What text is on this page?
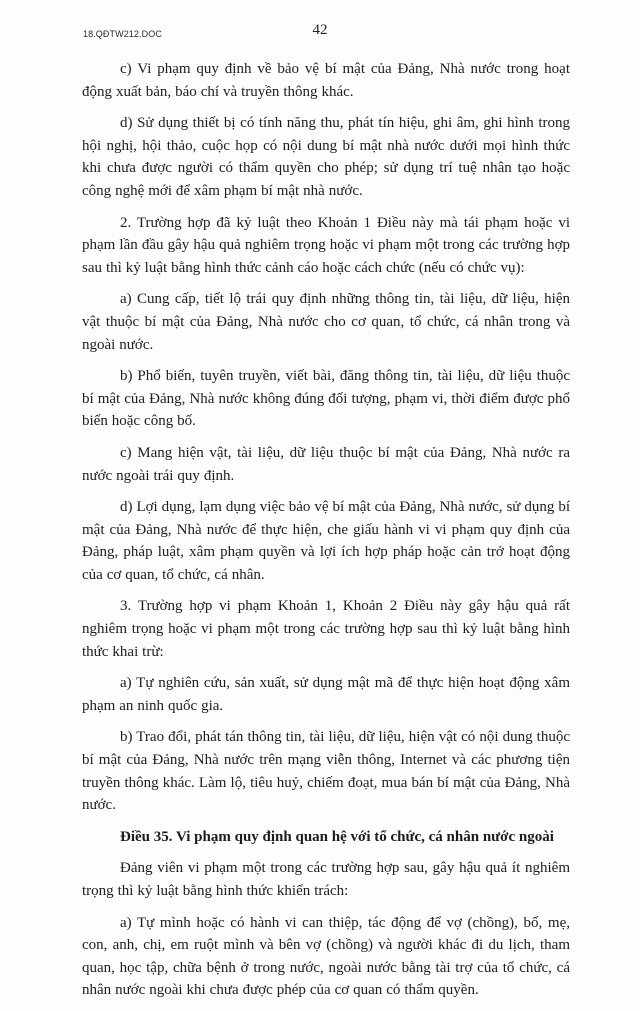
18.QĐTW212.DOC	42

c) Vi phạm quy định về bảo vệ bí mật của Đảng, Nhà nước trong hoạt động xuất bản, báo chí và truyền thông khác.

d) Sử dụng thiết bị có tính năng thu, phát tín hiệu, ghi âm, ghi hình trong hội nghị, hội thảo, cuộc họp có nội dung bí mật nhà nước dưới mọi hình thức khi chưa được người có thẩm quyền cho phép; sử dụng trí tuệ nhân tạo hoặc công nghệ mới để xâm phạm bí mật nhà nước.

2. Trường hợp đã kỷ luật theo Khoản 1 Điều này mà tái phạm hoặc vi phạm lần đầu gây hậu quả nghiêm trọng hoặc vi phạm một trong các trường hợp sau thì kỷ luật bằng hình thức cảnh cáo hoặc cách chức (nếu có chức vụ):

a) Cung cấp, tiết lộ trái quy định những thông tin, tài liệu, dữ liệu, hiện vật thuộc bí mật của Đảng, Nhà nước cho cơ quan, tổ chức, cá nhân trong và ngoài nước.

b) Phổ biến, tuyên truyền, viết bài, đăng thông tin, tài liệu, dữ liệu thuộc bí mật của Đảng, Nhà nước không đúng đối tượng, phạm vi, thời điểm được phổ biến hoặc công bố.

c) Mang hiện vật, tài liệu, dữ liệu thuộc bí mật của Đảng, Nhà nước ra nước ngoài trái quy định.

d) Lợi dụng, lạm dụng việc bảo vệ bí mật của Đảng, Nhà nước, sử dụng bí mật của Đảng, Nhà nước để thực hiện, che giấu hành vi vi phạm quy định của Đảng, pháp luật, xâm phạm quyền và lợi ích hợp pháp hoặc cản trở hoạt động của cơ quan, tổ chức, cá nhân.

3. Trường hợp vi phạm Khoản 1, Khoản 2 Điều này gây hậu quả rất nghiêm trọng hoặc vi phạm một trong các trường hợp sau thì kỷ luật bằng hình thức khai trừ:

a) Tự nghiên cứu, sản xuất, sử dụng mật mã để thực hiện hoạt động xâm phạm an ninh quốc gia.

b) Trao đổi, phát tán thông tin, tài liệu, dữ liệu, hiện vật có nội dung thuộc bí mật của Đảng, Nhà nước trên mạng viễn thông, Internet và các phương tiện truyền thông khác. Làm lộ, tiêu huỷ, chiếm đoạt, mua bán bí mật của Đảng, Nhà nước.

Điều 35. Vi phạm quy định quan hệ với tổ chức, cá nhân nước ngoài

Đảng viên vi phạm một trong các trường hợp sau, gây hậu quả ít nghiêm trọng thì kỷ luật bằng hình thức khiển trách:

a) Tự mình hoặc có hành vi can thiệp, tác động để vợ (chồng), bố, mẹ, con, anh, chị, em ruột mình và bên vợ (chồng) và người khác đi du lịch, tham quan, học tập, chữa bệnh ở trong nước, ngoài nước bằng tài trợ của tổ chức, cá nhân nước ngoài khi chưa được phép của cơ quan có thẩm quyền.
